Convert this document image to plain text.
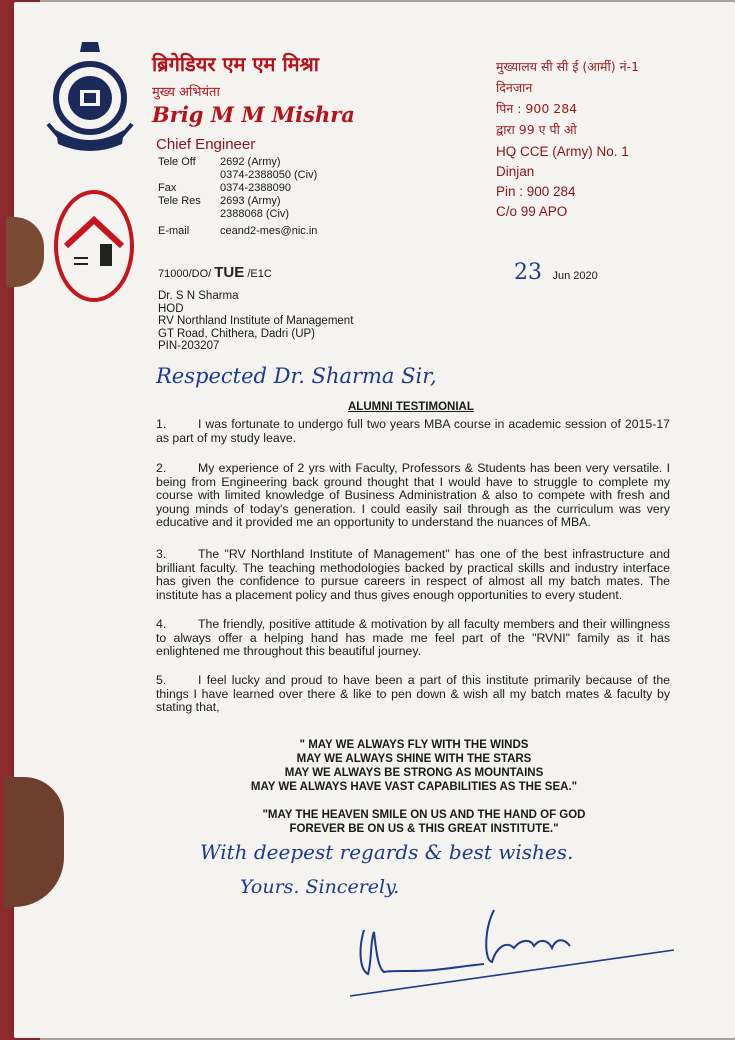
ब्रिगेडियर एम एम मिश्रा
मुख्य अभियंता
Brig M M Mishra
Chief Engineer
Tele Off	2692 (Army)
0374-2388050 (Civ)
Fax	0374-2388090
Tele Res	2693 (Army)
2388068 (Civ)
E-mail	ceand2-mes@nic.in
मुख्यालय सी सी ई (आर्मी) नं-1
दिनजान
पिन : 900 284
द्वारा 99 ए पी ओ
HQ CCE (Army) No. 1
Dinjan
Pin : 900 284
C/o 99 APO
71000/DO/ TUE /E1C	23 Jun 2020
Dr. S N Sharma
HOD
RV Northland Institute of Management
GT Road, Chithera, Dadri (UP)
PIN-203207
Respected Dr. Sharma Sir,
ALUMNI TESTIMONIAL
1.	I was fortunate to undergo full two years MBA course in academic session of 2015-17 as part of my study leave.
2.	My experience of 2 yrs with Faculty, Professors & Students has been very versatile. I being from Engineering back ground thought that I would have to struggle to complete my course with limited knowledge of Business Administration & also to compete with fresh and young minds of today's generation. I could easily sail through as the curriculum was very educative and it provided me an opportunity to understand the nuances of MBA.
3.	The "RV Northland Institute of Management" has one of the best infrastructure and brilliant faculty. The teaching methodologies backed by practical skills and industry interface has given the confidence to pursue careers in respect of almost all my batch mates. The institute has a placement policy and thus gives enough opportunities to every student.
4.	The friendly, positive attitude & motivation by all faculty members and their willingness to always offer a helping hand has made me feel part of the "RVNI" family as it has enlightened me throughout this beautiful journey.
5.	I feel lucky and proud to have been a part of this institute primarily because of the things I have learned over there & like to pen down & wish all my batch mates & faculty by stating that,
" MAY WE ALWAYS FLY WITH THE WINDS
MAY WE ALWAYS SHINE WITH THE STARS
MAY WE ALWAYS BE STRONG AS MOUNTAINS
MAY WE ALWAYS HAVE VAST CAPABILITIES AS THE SEA."
"MAY THE HEAVEN SMILE ON US AND THE HAND OF GOD
FOREVER BE ON US & THIS GREAT INSTITUTE."
With deepest regards & best wishes.
Yours. Sincerely.
